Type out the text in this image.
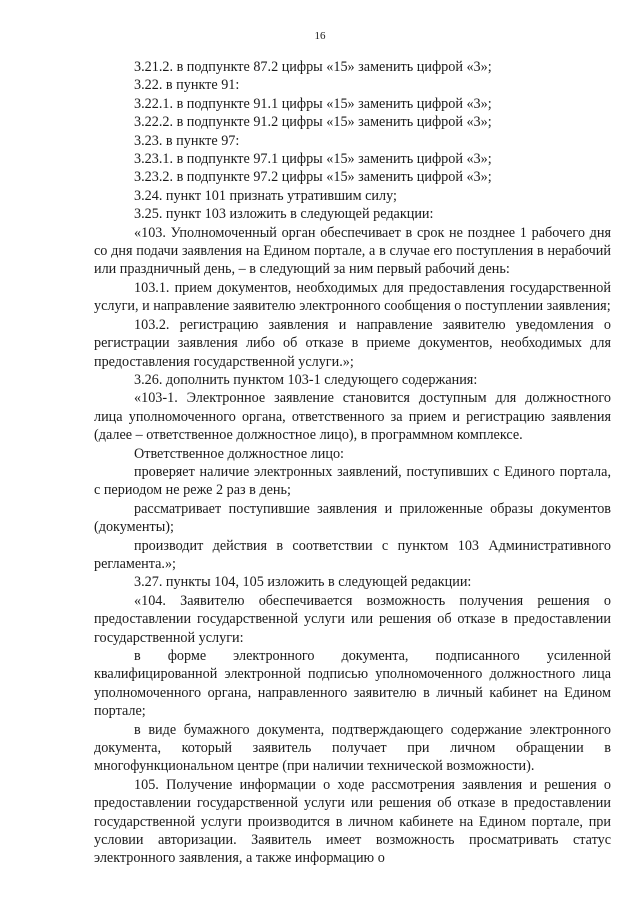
16

3.21.2. в подпункте 87.2 цифры «15» заменить цифрой «3»;

3.22. в пункте 91:

3.22.1. в подпункте 91.1 цифры «15» заменить цифрой «3»;

3.22.2. в подпункте 91.2 цифры «15» заменить цифрой «3»;

3.23. в пункте 97:

3.23.1. в подпункте 97.1 цифры «15» заменить цифрой «3»;

3.23.2. в подпункте 97.2 цифры «15» заменить цифрой «3»;

3.24. пункт 101 признать утратившим силу;

3.25. пункт 103 изложить в следующей редакции:

«103. Уполномоченный орган обеспечивает в срок не позднее 1 рабочего дня со дня подачи заявления на Едином портале, а в случае его поступления в нерабочий или праздничный день, – в следующий за ним первый рабочий день:

103.1. прием документов, необходимых для предоставления государственной услуги, и направление заявителю электронного сообщения о поступлении заявления;

103.2. регистрацию заявления и направление заявителю уведомления о регистрации заявления либо об отказе в приеме документов, необходимых для предоставления государственной услуги.»;

3.26. дополнить пунктом 103-1 следующего содержания:

«103-1. Электронное заявление становится доступным для должностного лица уполномоченного органа, ответственного за прием и регистрацию заявления (далее – ответственное должностное лицо), в программном комплексе.

Ответственное должностное лицо:

проверяет наличие электронных заявлений, поступивших с Единого портала, с периодом не реже 2 раз в день;

рассматривает поступившие заявления и приложенные образы документов (документы);

производит действия в соответствии с пунктом 103 Административного регламента.»;

3.27. пункты 104, 105 изложить в следующей редакции:

«104. Заявителю обеспечивается возможность получения решения о предоставлении государственной услуги или решения об отказе в предоставлении государственной услуги:

в форме электронного документа, подписанного усиленной квалифицированной электронной подписью уполномоченного должностного лица уполномоченного органа, направленного заявителю в личный кабинет на Едином портале;

в виде бумажного документа, подтверждающего содержание электронного документа, который заявитель получает при личном обращении в многофункциональном центре (при наличии технической возможности).

105. Получение информации о ходе рассмотрения заявления и решения о предоставлении государственной услуги или решения об отказе в предоставлении государственной услуги производится в личном кабинете на Едином портале, при условии авторизации. Заявитель имеет возможность просматривать статус электронного заявления, а также информацию о
